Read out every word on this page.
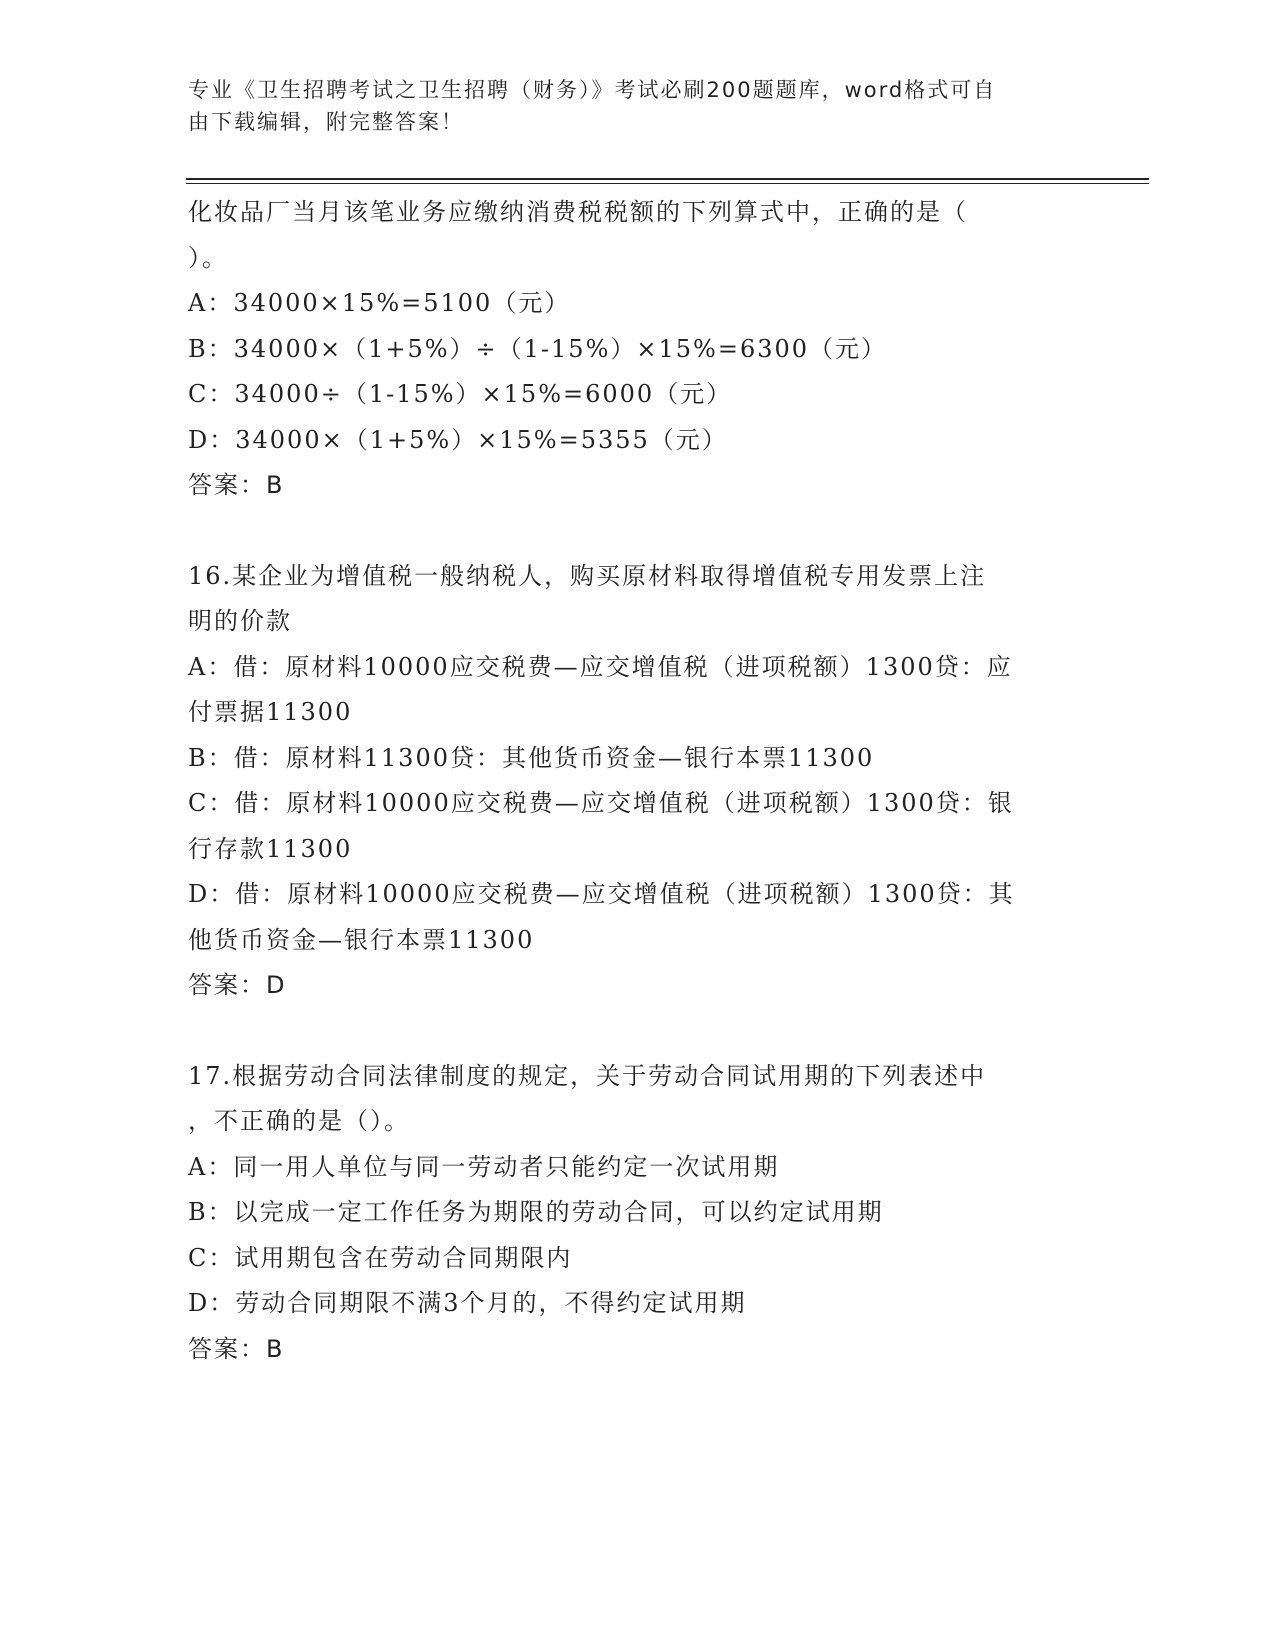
专业《卫生招聘考试之卫生招聘（财务）》考试必刷200题题库，word格式可自
由下载编辑，附完整答案！

化妆品厂当月该笔业务应缴纳消费税税额的下列算式中，正确的是（

）。

A：34000×15%=5100（元）

B：34000×（1+5%）÷（1-15%）×15%=6300（元）

C：34000÷（1-15%）×15%=6000（元）

D：34000×（1+5%）×15%=5355（元）

答案：B

16.某企业为增值税一般纳税人，购买原材料取得增值税专用发票上注

明的价款

A：借：原材料10000应交税费—应交增值税（进项税额）1300贷：应

付票据11300

B：借：原材料11300贷：其他货币资金—银行本票11300

C：借：原材料10000应交税费—应交增值税（进项税额）1300贷：银

行存款11300

D：借：原材料10000应交税费—应交增值税（进项税额）1300贷：其

他货币资金—银行本票11300

答案：D

17.根据劳动合同法律制度的规定，关于劳动合同试用期的下列表述中

，不正确的是（）。

A：同一用人单位与同一劳动者只能约定一次试用期

B：以完成一定工作任务为期限的劳动合同，可以约定试用期

C：试用期包含在劳动合同期限内

D：劳动合同期限不满3个月的，不得约定试用期

答案：B
